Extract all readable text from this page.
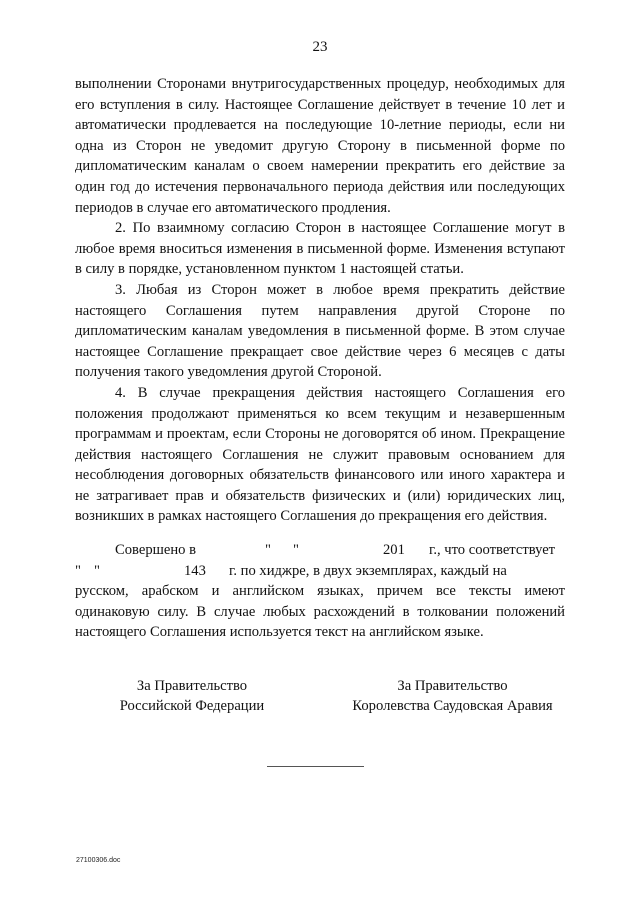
23

выполнении Сторонами внутригосударственных процедур, необходимых для его вступления в силу. Настоящее Соглашение действует в течение 10 лет и автоматически продлевается на последующие 10-летние периоды, если ни одна из Сторон не уведомит другую Сторону в письменной форме по дипломатическим каналам о своем намерении прекратить его действие за один год до истечения первоначального периода действия или последующих периодов в случае его автоматического продления.

2. По взаимному согласию Сторон в настоящее Соглашение могут в любое время вноситься изменения в письменной форме. Изменения вступают в силу в порядке, установленном пунктом 1 настоящей статьи.

3. Любая из Сторон может в любое время прекратить действие настоящего Соглашения путем направления другой Стороне по дипломатическим каналам уведомления в письменной форме. В этом случае настоящее Соглашение прекращает свое действие через 6 месяцев с даты получения такого уведомления другой Стороной.

4. В случае прекращения действия настоящего Соглашения его положения продолжают применяться ко всем текущим и незавершенным программам и проектам, если Стороны не договорятся об ином. Прекращение действия настоящего Соглашения не служит правовым основанием для несоблюдения договорных обязательств финансового или иного характера и не затрагивает прав и обязательств физических и (или) юридических лиц, возникших в рамках настоящего Соглашения до прекращения его действия.

Совершено в	" "	201 г., что соответствует
" "	143 г. по хиджре, в двух экземплярах, каждый на

русском, арабском и английском языках, причем все тексты имеют одинаковую силу. В случае любых расхождений в толковании положений настоящего Соглашения используется текст на английском языке.

За Правительство
Российской Федерации
За Правительство
Королевства Саудовская Аравия
27100306.doc
